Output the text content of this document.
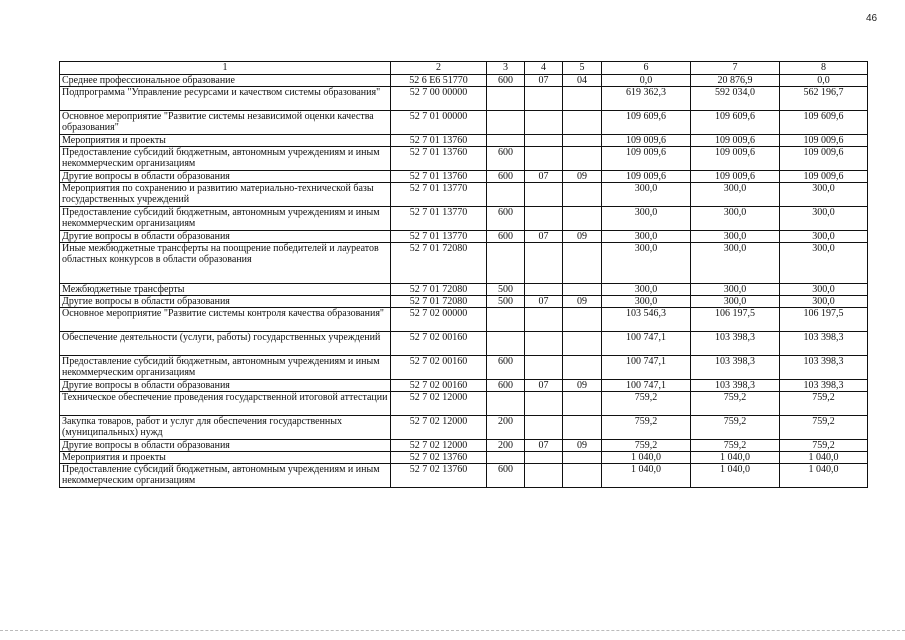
46
1	2	3	4	5	6	7	8
Среднее профессиональное образование	52 6 E6 51770	600	07	04	0,0	20 876,9	0,0
Подпрограмма "Управление ресурсами и качеством системы образования"	52 7 00 00000				619 362,3	592 034,0	562 196,7
Основное мероприятие "Развитие системы независимой оценки качества образования"	52 7 01 00000				109 609,6	109 609,6	109 609,6
Мероприятия и проекты	52 7 01 13760				109 009,6	109 009,6	109 009,6
Предоставление субсидий бюджетным, автономным учреждениям и иным некоммерческим организациям	52 7 01 13760	600			109 009,6	109 009,6	109 009,6
Другие вопросы в области образования	52 7 01 13760	600	07	09	109 009,6	109 009,6	109 009,6
Мероприятия по сохранению и развитию материально-технической базы государственных учреждений	52 7 01 13770				300,0	300,0	300,0
Предоставление субсидий бюджетным, автономным учреждениям и иным некоммерческим организациям	52 7 01 13770	600			300,0	300,0	300,0
Другие вопросы в области образования	52 7 01 13770	600	07	09	300,0	300,0	300,0
Иные межбюджетные трансферты на поощрение победителей и лауреатов областных конкурсов в области образования	52 7 01 72080				300,0	300,0	300,0
Межбюджетные трансферты	52 7 01 72080	500			300,0	300,0	300,0
Другие вопросы в области образования	52 7 01 72080	500	07	09	300,0	300,0	300,0
Основное мероприятие "Развитие системы контроля качества образования"	52 7 02 00000				103 546,3	106 197,5	106 197,5
Обеспечение деятельности (услуги, работы) государственных учреждений	52 7 02 00160				100 747,1	103 398,3	103 398,3
Предоставление субсидий бюджетным, автономным учреждениям и иным некоммерческим организациям	52 7 02 00160	600			100 747,1	103 398,3	103 398,3
Другие вопросы в области образования	52 7 02 00160	600	07	09	100 747,1	103 398,3	103 398,3
Техническое обеспечение проведения государственной итоговой аттестации	52 7 02 12000				759,2	759,2	759,2
Закупка товаров, работ и услуг для обеспечения государственных (муниципальных) нужд	52 7 02 12000	200			759,2	759,2	759,2
Другие вопросы в области образования	52 7 02 12000	200	07	09	759,2	759,2	759,2
Мероприятия и проекты	52 7 02 13760				1 040,0	1 040,0	1 040,0
Предоставление субсидий бюджетным, автономным учреждениям и иным некоммерческим организациям	52 7 02 13760	600			1 040,0	1 040,0	1 040,0
